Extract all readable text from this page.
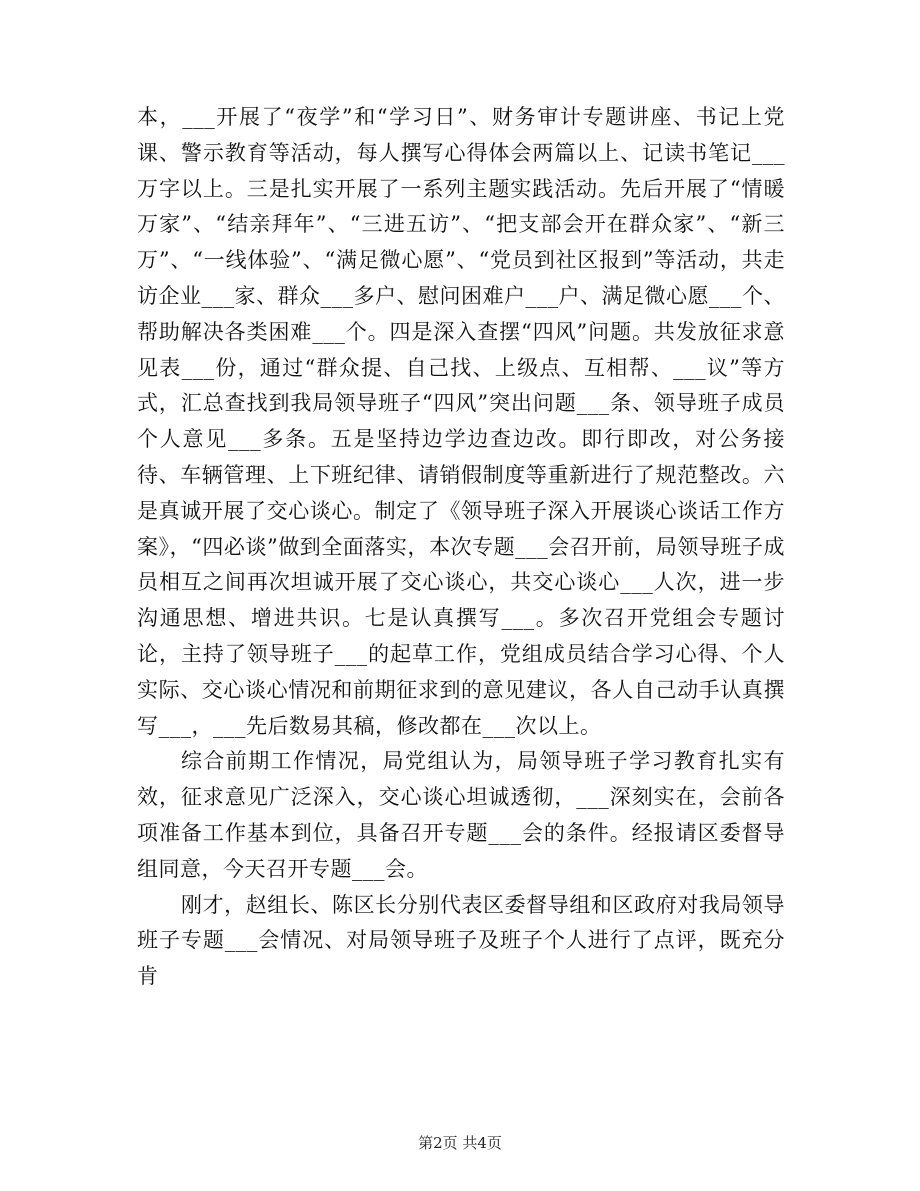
本，___开展了“夜学”和“学习日”、财务审计专题讲座、书记上党课、警示教育等活动，每人撰写心得体会两篇以上、记读书笔记___万字以上。三是扎实开展了一系列主题实践活动。先后开展了“情暖万家”、“结亲拜年”、“三进五访”、“把支部会开在群众家”、“新三万”、“一线体验”、“满足微心愿”、“党员到社区报到”等活动，共走访企业___家、群众___多户、慰问困难户___户、满足微心愿___个、帮助解决各类困难___个。四是深入查摆“四风”问题。共发放征求意见表___份，通过“群众提、自己找、上级点、互相帮、___议”等方式，汇总查找到我局领导班子“四风”突出问题___条、领导班子成员个人意见___多条。五是坚持边学边查边改。即行即改，对公务接待、车辆管理、上下班纪律、请销假制度等重新进行了规范整改。六是真诚开展了交心谈心。制定了《领导班子深入开展谈心谈话工作方案》，“四必谈”做到全面落实，本次专题___会召开前，局领导班子成员相互之间再次坦诚开展了交心谈心，共交心谈心___人次，进一步沟通思想、增进共识。七是认真撰写___。多次召开党组会专题讨论，主持了领导班子___的起草工作，党组成员结合学习心得、个人实际、交心谈心情况和前期征求到的意见建议，各人自己动手认真撰写___，___先后数易其稿，修改都在___次以上。

综合前期工作情况，局党组认为，局领导班子学习教育扎实有效，征求意见广泛深入，交心谈心坦诚透彻，___深刻实在，会前各项准备工作基本到位，具备召开专题___会的条件。经报请区委督导组同意，今天召开专题___会。

刚才，赵组长、陈区长分别代表区委督导组和区政府对我局领导班子专题___会情况、对局领导班子及班子个人进行了点评，既充分肯

第2页 共4页
